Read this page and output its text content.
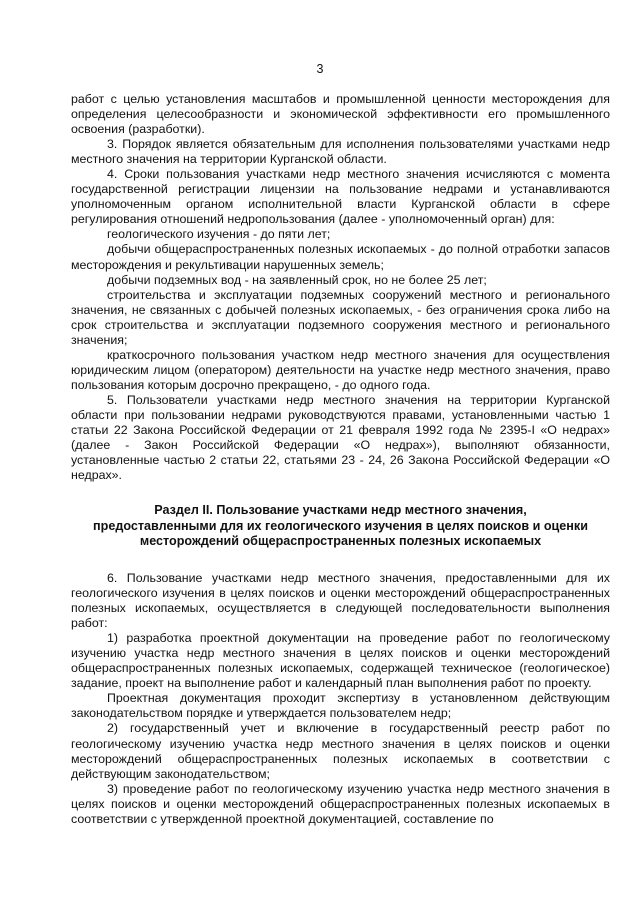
3

работ с целью установления масштабов и промышленной ценности месторождения для определения целесообразности и экономической эффективности его промышленного освоения (разработки).

3. Порядок является обязательным для исполнения пользователями участками недр местного значения на территории Курганской области.

4. Сроки пользования участками недр местного значения исчисляются с момента государственной регистрации лицензии на пользование недрами и устанавливаются уполномоченным органом исполнительной власти Курганской области в сфере регулирования отношений недропользования (далее - уполномоченный орган) для:

геологического изучения - до пяти лет;

добычи общераспространенных полезных ископаемых - до полной отработки запасов месторождения и рекультивации нарушенных земель;

добычи подземных вод - на заявленный срок, но не более 25 лет;

строительства и эксплуатации подземных сооружений местного и регионального значения, не связанных с добычей полезных ископаемых, - без ограничения срока либо на срок строительства и эксплуатации подземного сооружения местного и регионального значения;

краткосрочного пользования участком недр местного значения для осуществления юридическим лицом (оператором) деятельности на участке недр местного значения, право пользования которым досрочно прекращено, - до одного года.

5. Пользователи участками недр местного значения на территории Курганской области при пользовании недрами руководствуются правами, установленными частью 1 статьи 22 Закона Российской Федерации от 21 февраля 1992 года № 2395-I «О недрах» (далее - Закон Российской Федерации «О недрах»), выполняют обязанности, установленные частью 2 статьи 22, статьями 23 - 24, 26 Закона Российской Федерации «О недрах».

Раздел II. Пользование участками недр местного значения,
предоставленными для их геологического изучения в целях поисков и оценки
месторождений общераспространенных полезных ископаемых

6. Пользование участками недр местного значения, предоставленными для их геологического изучения в целях поисков и оценки месторождений общераспространенных полезных ископаемых, осуществляется в следующей последовательности выполнения работ:

1) разработка проектной документации на проведение работ по геологическому изучению участка недр местного значения в целях поисков и оценки месторождений общераспространенных полезных ископаемых, содержащей техническое (геологическое) задание, проект на выполнение работ и календарный план выполнения работ по проекту.

Проектная документация проходит экспертизу в установленном действующим законодательством порядке и утверждается пользователем недр;

2) государственный учет и включение в государственный реестр работ по геологическому изучению участка недр местного значения в целях поисков и оценки месторождений общераспространенных полезных ископаемых в соответствии с действующим законодательством;

3) проведение работ по геологическому изучению участка недр местного значения в целях поисков и оценки месторождений общераспространенных полезных ископаемых в соответствии с утвержденной проектной документацией, составление по
